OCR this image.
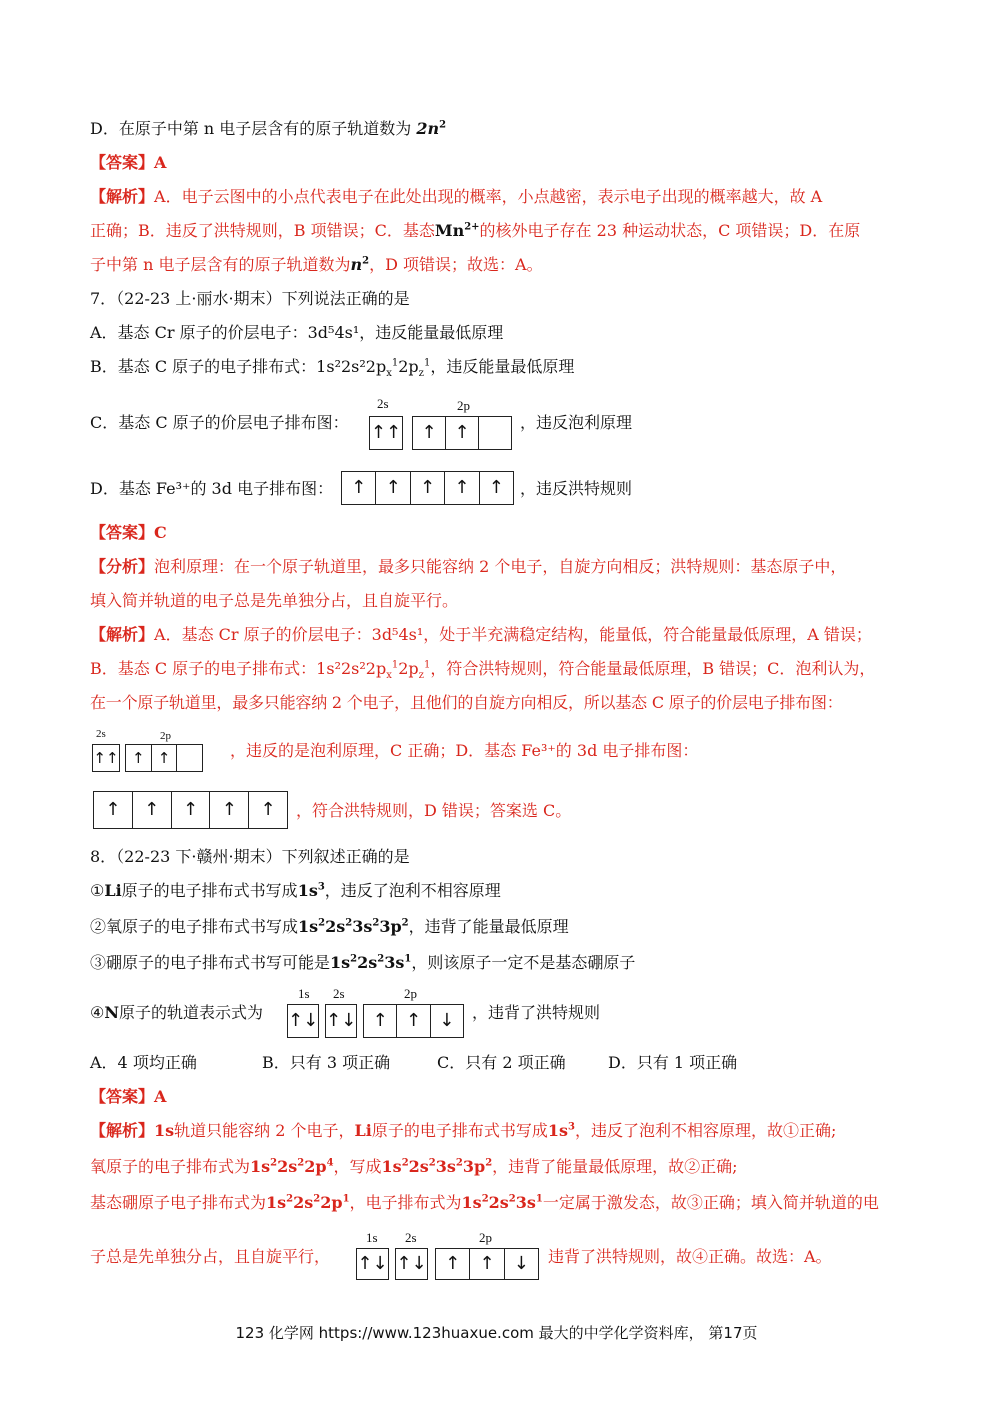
D．在原子中第 n 电子层含有的原子轨道数为 $2n^2$
【答案】A
【解析】A．电子云图中的小点代表电子在此处出现的概率，小点越密，表示电子出现的概率越大，故 A
正确；B．违反了洪特规则，B 项错误；C．基态$Mn^{2+}$的核外电子存在 23 种运动状态，C 项错误；D．在原
子中第 n 电子层含有的原子轨道数为$n^2$，D 项错误；故选：A。
7．（22-23 上·丽水·期末）下列说法正确的是
A．基态 Cr 原子的价层电子：3d⁵4s¹，违反能量最低原理
B．基态 C 原子的电子排布式：$1s^22s^22p_x^12p_z^1$，违反能量最低原理
C．基态 C 原子的价层电子排布图：
2s	2p
↑↑	↑ ↑	，违反泡利原理
D．基态 Fe³⁺的 3d 电子排布图：	↑	↑	↑	↑	↑	，违反洪特规则
【答案】C
【分析】泡利原理：在一个原子轨道里，最多只能容纳 2 个电子，自旋方向相反；洪特规则：基态原子中，
填入简并轨道的电子总是先单独分占，且自旋平行。
【解析】A．基态 Cr 原子的价层电子：3d⁵4s¹，处于半充满稳定结构，能量低，符合能量最低原理，A 错误；
B．基态 C 原子的电子排布式：$1s^22s^22p_x^12p_z^1$，符合洪特规则，符合能量最低原理，B 错误；C．泡利认为，
在一个原子轨道里，最多只能容纳 2 个电子，且他们的自旋方向相反，所以基态 C 原子的价层电子排布图：
2s	2p
↑↑ ↑ ↑	，违反的是泡利原理，C 正确；D．基态 Fe³⁺的 3d 电子排布图：
↑	↑	↑	↑	↑	，符合洪特规则，D 错误；答案选 C。
8．（22-23 下·赣州·期末）下列叙述正确的是
①Li原子的电子排布式书写成$1s^3$，违反了泡利不相容原理
②氧原子的电子排布式书写成$1s^22s^23s^23p^2$，违背了能量最低原理
③硼原子的电子排布式书写可能是$1s^22s^23s^1$，则该原子一定不是基态硼原子
④N原子的轨道表示式为
1s 2s	2p
↑↓ ↑↓ ↑	↑	↓	，违背了洪特规则
A．4 项均正确	B．只有 3 项正确	C．只有 2 项正确	D．只有 1 项正确
【答案】A
【解析】1s轨道只能容纳 2 个电子，Li原子的电子排布式书写成$1s^3$，违反了泡利不相容原理，故①正确;
氧原子的电子排布式为$1s^22s^22p^4$，写成$1s^22s^23s^23p^2$，违背了能量最低原理，故②正确;
基态硼原子电子排布式为$1s^22s^22p^1$，电子排布式为$1s^22s^23s^1$一定属于激发态，故③正确；填入简并轨道的电
子总是先单独分占，且自旋平行，
1s 2s	2p
↑↓ ↑↓	↑	↑	↓	违背了洪特规则，故④正确。故选：A。
123 化学网 https://www.123huaxue.com 最大的中学化学资料库， 第17页
